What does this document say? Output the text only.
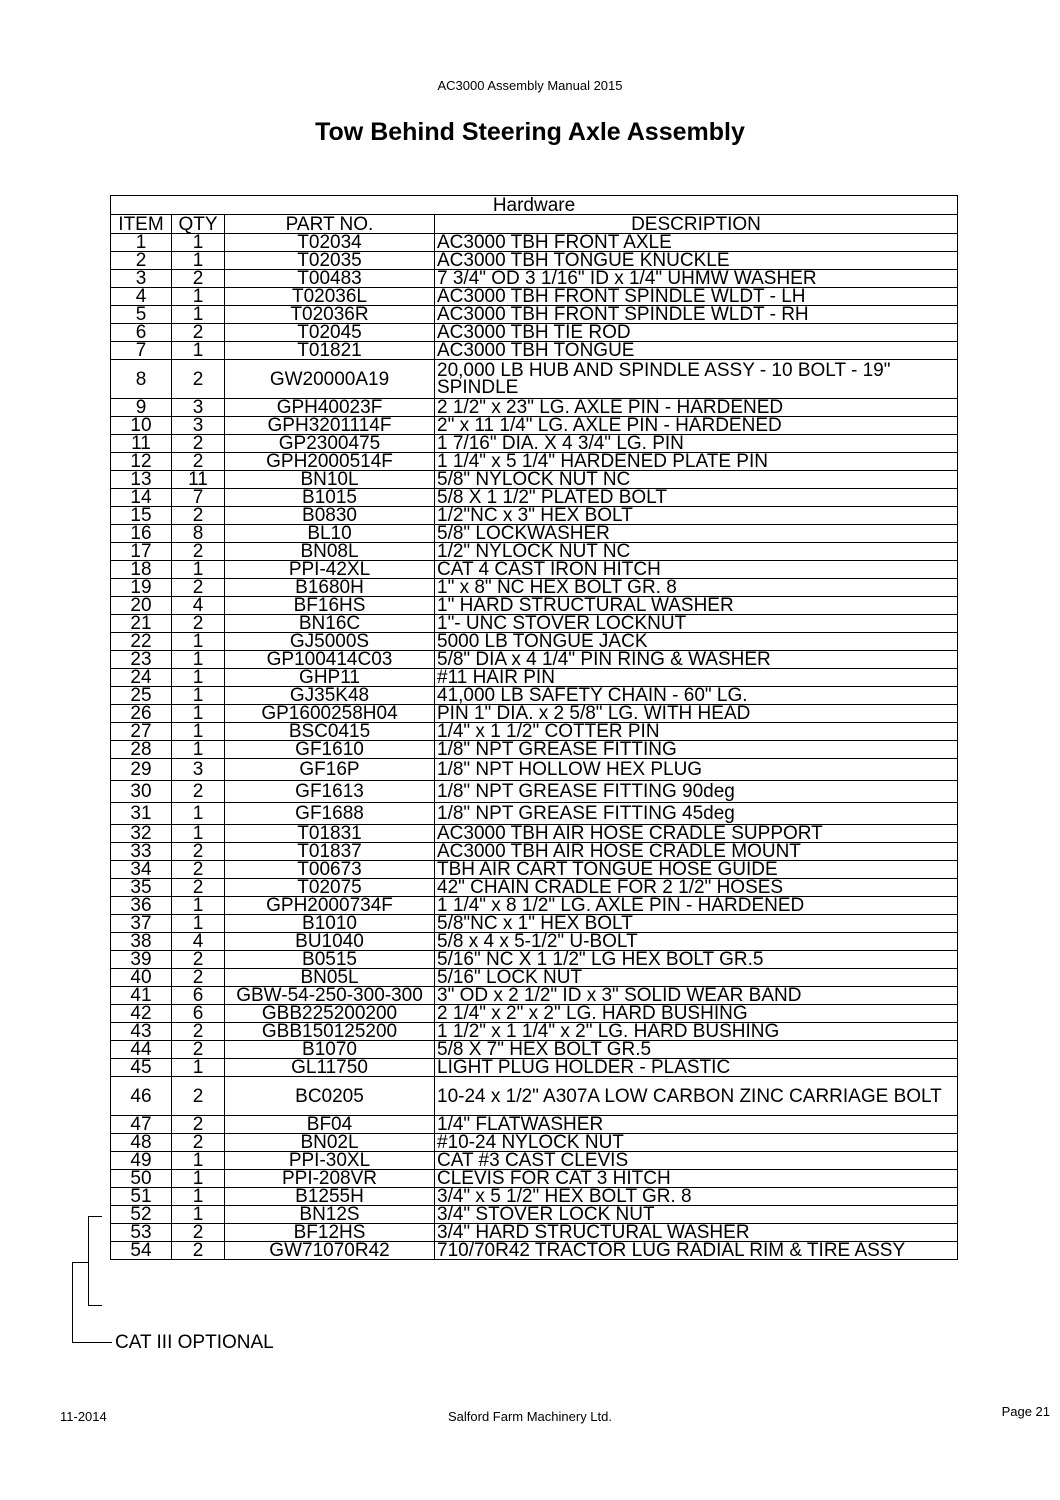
AC3000 Assembly Manual 2015
Tow Behind Steering Axle Assembly
Hardware			
ITEM	QTY	PART NO.	DESCRIPTION
1	1	T02034	AC3000 TBH FRONT AXLE
2	1	T02035	AC3000 TBH TONGUE KNUCKLE
3	2	T00483	7 3/4" OD 3 1/16" ID x 1/4" UHMW WASHER
4	1	T02036L	AC3000 TBH FRONT SPINDLE WLDT - LH
5	1	T02036R	AC3000 TBH FRONT SPINDLE WLDT - RH
6	2	T02045	AC3000 TBH TIE ROD
7	1	T01821	AC3000 TBH TONGUE
8	2	GW20000A19	20,000 LB HUB AND SPINDLE ASSY - 10 BOLT - 19" SPINDLE
9	3	GPH40023F	2 1/2" x 23" LG. AXLE PIN - HARDENED
10	3	GPH3201114F	2" x 11 1/4" LG. AXLE PIN - HARDENED
11	2	GP2300475	1 7/16" DIA. X 4 3/4" LG. PIN
12	2	GPH2000514F	1 1/4" x 5 1/4" HARDENED PLATE PIN
13	11	BN10L	5/8" NYLOCK NUT NC
14	7	B1015	5/8 X 1 1/2" PLATED BOLT
15	2	B0830	1/2"NC x 3" HEX BOLT
16	8	BL10	5/8" LOCKWASHER
17	2	BN08L	1/2" NYLOCK NUT NC
18	1	PPI-42XL	CAT 4 CAST IRON HITCH
19	2	B1680H	1" x 8" NC HEX BOLT GR. 8
20	4	BF16HS	1" HARD STRUCTURAL WASHER
21	2	BN16C	1"- UNC STOVER LOCKNUT
22	1	GJ5000S	5000 LB TONGUE JACK
23	1	GP100414C03	5/8" DIA x 4 1/4" PIN RING & WASHER
24	1	GHP11	#11 HAIR PIN
25	1	GJ35K48	41,000 LB SAFETY CHAIN - 60" LG.
26	1	GP1600258H04	PIN 1" DIA. x 2 5/8" LG. WITH HEAD
27	1	BSC0415	1/4" x 1 1/2" COTTER PIN
28	1	GF1610	1/8" NPT GREASE FITTING
29	3	GF16P	1/8" NPT HOLLOW HEX PLUG
30	2	GF1613	1/8" NPT GREASE FITTING 90deg
31	1	GF1688	1/8" NPT GREASE FITTING 45deg
32	1	T01831	AC3000 TBH AIR HOSE CRADLE SUPPORT
33	2	T01837	AC3000 TBH AIR HOSE CRADLE MOUNT
34	2	T00673	TBH AIR CART TONGUE HOSE GUIDE
35	2	T02075	42" CHAIN CRADLE FOR 2 1/2" HOSES
36	1	GPH2000734F	1 1/4" x 8 1/2" LG. AXLE PIN - HARDENED
37	1	B1010	5/8"NC x 1" HEX BOLT
38	4	BU1040	5/8 x 4 x 5-1/2" U-BOLT
39	2	B0515	5/16" NC X 1 1/2" LG HEX BOLT GR.5
40	2	BN05L	5/16" LOCK NUT
41	6	GBW-54-250-300-300	3" OD x 2 1/2" ID x 3" SOLID WEAR BAND
42	6	GBB225200200	2 1/4" x 2" x 2" LG. HARD BUSHING
43	2	GBB150125200	1 1/2" x 1 1/4" x 2" LG. HARD BUSHING
44	2	B1070	5/8 X 7" HEX BOLT GR.5
45	1	GL11750	LIGHT PLUG HOLDER - PLASTIC
46	2	BC0205	10-24 x 1/2" A307A LOW CARBON ZINC CARRIAGE BOLT
47	2	BF04	1/4" FLATWASHER
48	2	BN02L	#10-24 NYLOCK NUT
49	1	PPI-30XL	CAT #3 CAST CLEVIS
50	1	PPI-208VR	CLEVIS FOR CAT 3 HITCH
51	1	B1255H	3/4" x 5 1/2" HEX BOLT GR. 8
52	1	BN12S	3/4" STOVER LOCK NUT
53	2	BF12HS	3/4" HARD STRUCTURAL WASHER
54	2	GW71070R42	710/70R42 TRACTOR LUG RADIAL RIM & TIRE ASSY
CAT III OPTIONAL
11-2014	Salford Farm Machinery Ltd.	Page 21
